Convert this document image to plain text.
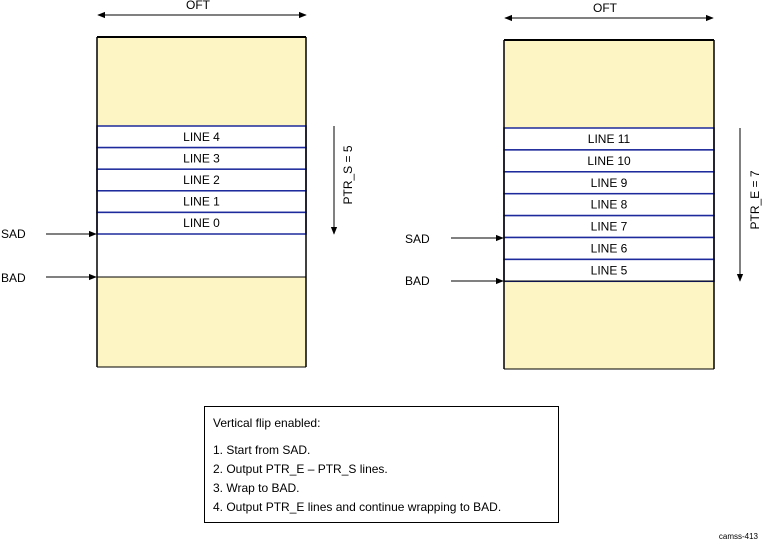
OFT
LINE 4
LINE 3
LINE 2
LINE 1
LINE 0
SAD
BAD
PTR_S = 5
OFT
LINE 11
LINE 10
LINE 9
LINE 8
LINE 7
LINE 6
LINE 5
SAD
BAD
PTR_E = 7
Vertical flip enabled:
1. Start from SAD.
2. Output PTR_E – PTR_S lines.
3. Wrap to BAD.
4. Output PTR_E lines and continue wrapping to BAD.
camss-413
